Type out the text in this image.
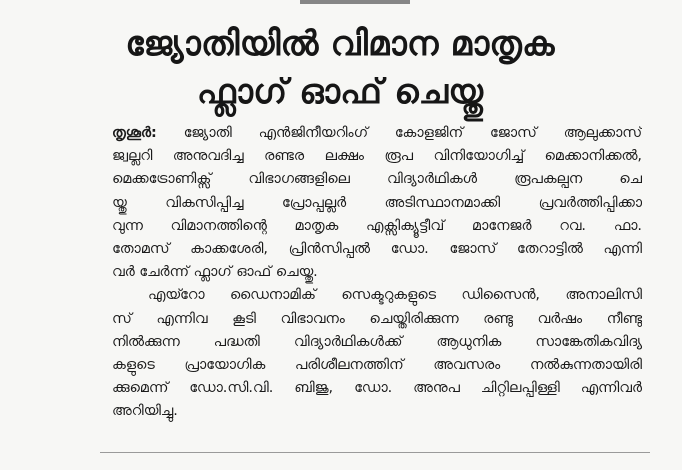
ജ്യോതിയിൽ വിമാന മാതൃക
ഫ്ലാഗ് ഓഫ് ചെയ്തു
തൃശൂർ: ജ്യോതി എൻജിനീയറിംഗ് കോളജിന് ജോസ് ആലുക്കാസ്
ജ്വല്ലറി അനുവദിച്ച രണ്ടര ലക്ഷം രൂപ വിനിയോഗിച്ച് മെക്കാനിക്കൽ,
മെക്കട്രോണിക്സ് വിഭാഗങ്ങളിലെ വിദ്യാർഥികൾ രൂപകല്പന ചെ
യ്തു വികസിപ്പിച്ച പ്രോപ്പല്ലർ അടിസ്ഥാനമാക്കി പ്രവർത്തിപ്പിക്കാ
വുന്ന വിമാനത്തിന്റെ മാതൃക എക്സിക്യൂട്ടീവ് മാനേജർ റവ. ഫാ.
തോമസ് കാക്കശേരി, പ്രിൻസിപ്പൽ ഡോ. ജോസ് തേറാട്ടിൽ എന്നി
വർ ചേർന്ന് ഫ്ലാഗ് ഓഫ് ചെയ്തു.
എയ്റോ ഡൈനാമിക് സെക്ടറുകളുടെ ഡിസൈൻ, അനാലിസി
സ് എന്നിവ കൂടി വിഭാവനം ചെയ്തിരിക്കുന്ന രണ്ടു വർഷം നീണ്ടു
നിൽക്കുന്ന പദ്ധതി വിദ്യാർഥികൾക്ക് ആധുനിക സാങ്കേതികവിദ്യ
കളുടെ പ്രായോഗിക പരിശീലനത്തിന് അവസരം നൽകുന്നതായിരി
ക്കുമെന്ന് ഡോ.സി.വി. ബിജു, ഡോ. അനുപ ചിറ്റിലപ്പിള്ളി എന്നിവർ
അറിയിച്ചു.
